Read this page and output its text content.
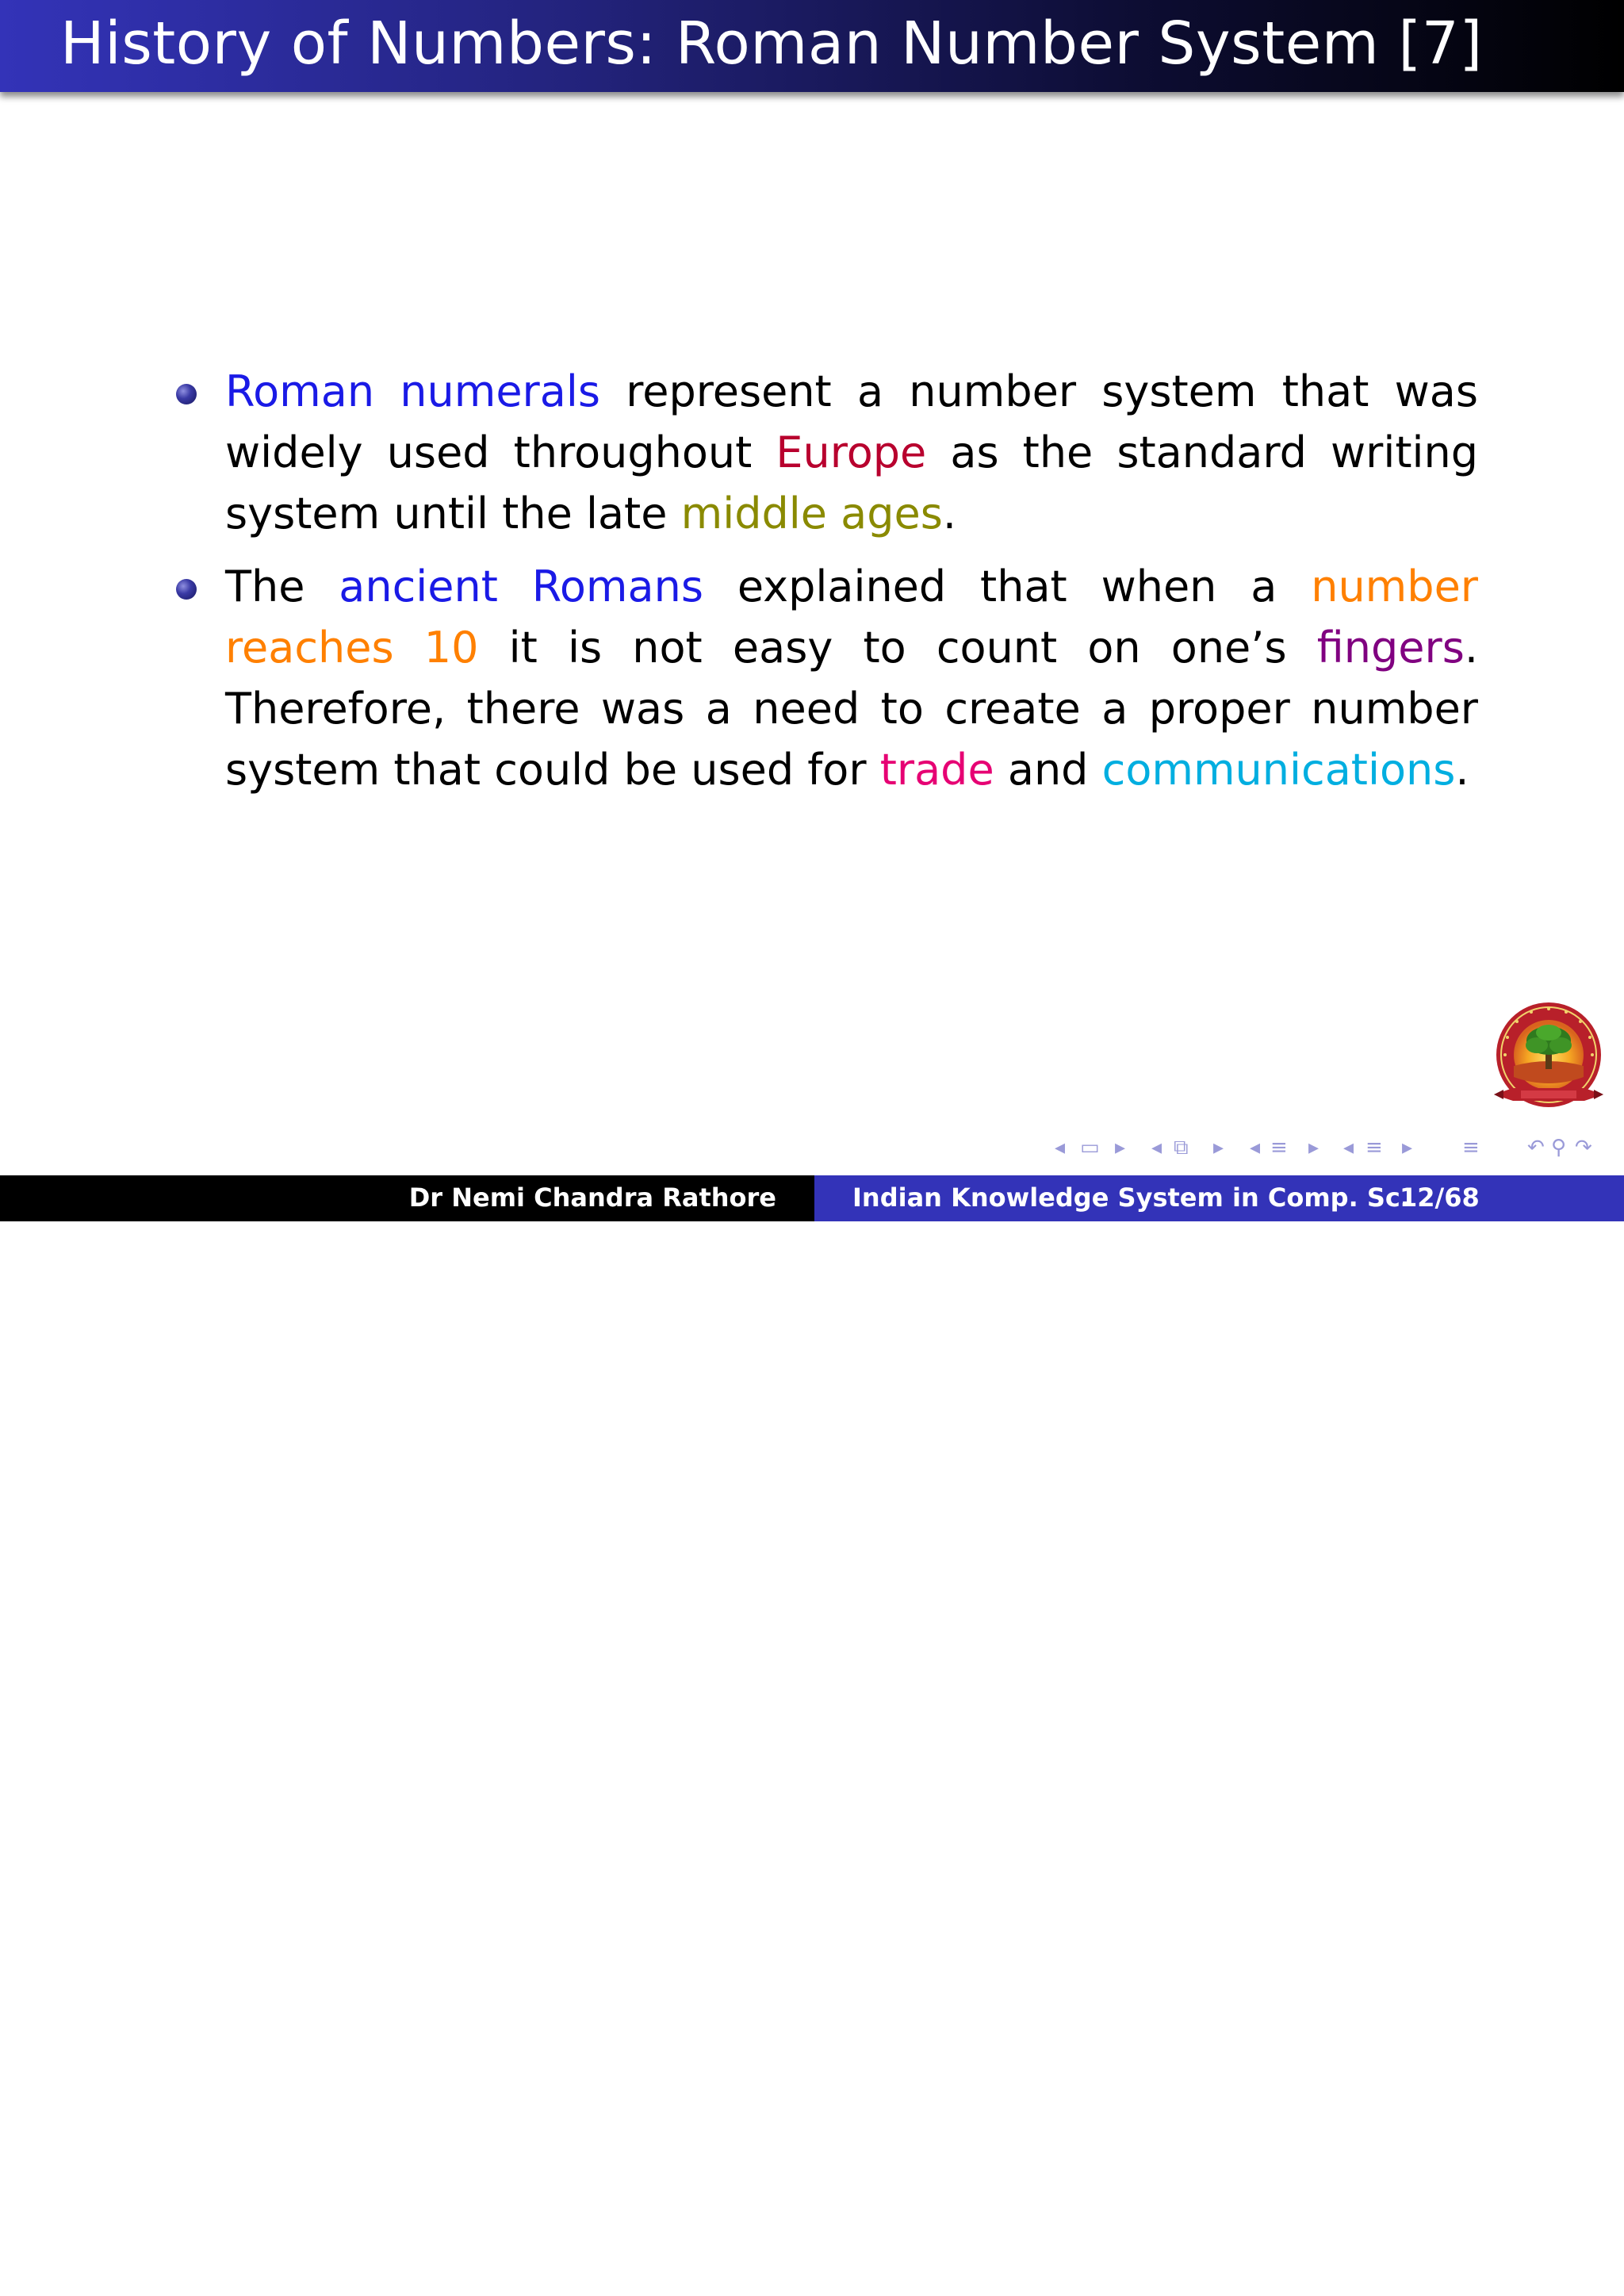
History of Numbers: Roman Number System [7]
Roman numerals represent a number system that was widely used throughout Europe as the standard writing system until the late middle ages.
The ancient Romans explained that when a number reaches 10 it is not easy to count on one’s fingers. Therefore, there was a need to create a proper number system that could be used for trade and communications.
◂ ▭ ▸ ◂ ⧉ ▸ ◂ ≡ ▸ ◂ ≡ ▸ ≡ ↶ ⚲ ↷
Dr Nemi Chandra Rathore	Indian Knowledge System in Comp. Sc.
12/68
